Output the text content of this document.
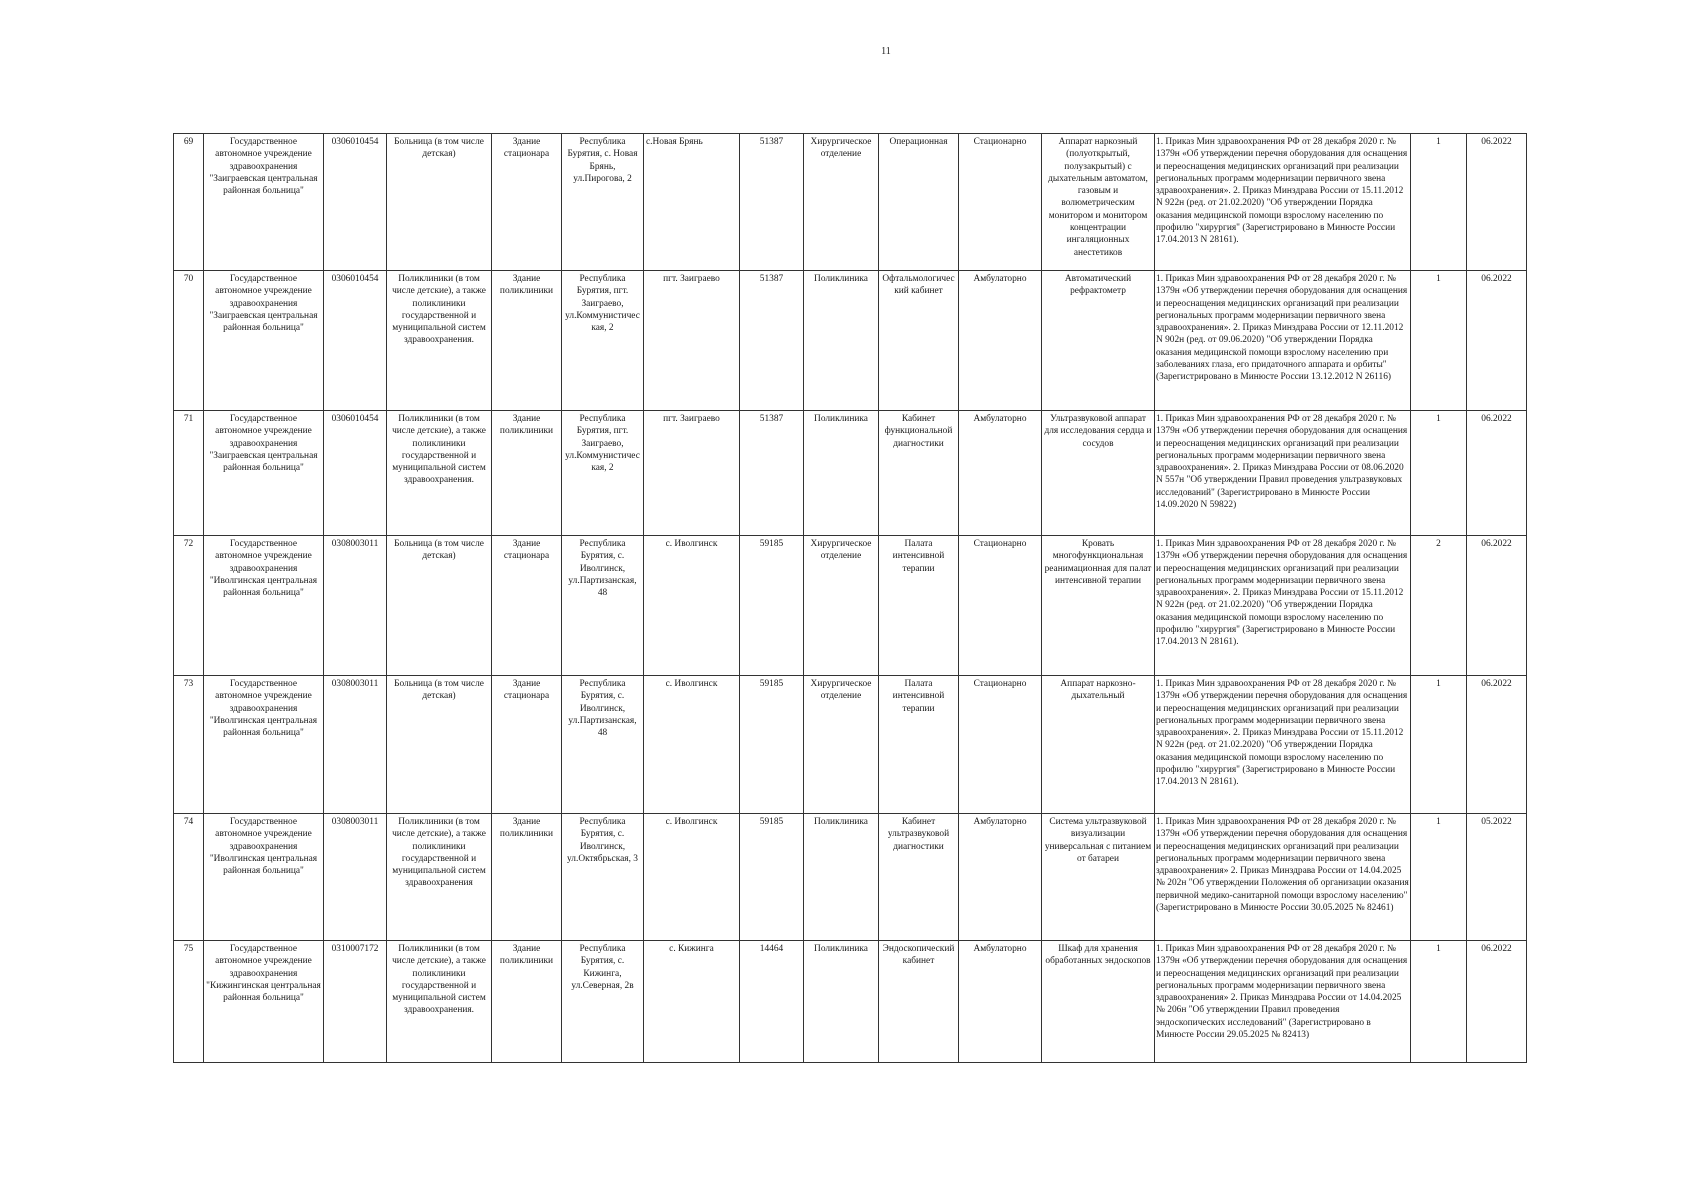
11
69	Государственное автономное учреждение здравоохранения "Заиграевская центральная районная больница"	0306010454	Больница (в том числе детская)	Здание стационара	Республика Бурятия, с. Новая Брянь, ул.Пирогова, 2	с.Новая Брянь	51387	Хирургическое отделение	Операционная	Стационарно	Аппарат наркозный (полуоткрытый, полузакрытый) с дыхательным автоматом, газовым и волюметрическим монитором и монитором концентрации ингаляционных анестетиков	1. Приказ Мин здравоохранения РФ от 28 декабря 2020 г. № 1379н «Об утверждении перечня оборудования для оснащения и переоснащения медицинских организаций при реализации региональных программ модернизации первичного звена здравоохранения». 2. Приказ Минздрава России от 15.11.2012 N 922н (ред. от 21.02.2020) "Об утверждении Порядка оказания медицинской помощи взрослому населению по профилю "хирургия" (Зарегистрировано в Минюсте России 17.04.2013 N 28161).	1	06.2022
70	Государственное автономное учреждение здравоохранения "Заиграевская центральная районная больница"	0306010454	Поликлиники (в том числе детские), а также поликлиники государственной и муниципальной систем здравоохранения.	Здание поликлиники	Республика Бурятия, пгт. Заиграево, ул.Коммунистическая, 2	пгт. Заиграево	51387	Поликлиника	Офтальмологический кабинет	Амбулаторно	Автоматический рефрактометр	1. Приказ Мин здравоохранения РФ от 28 декабря 2020 г. № 1379н «Об утверждении перечня оборудования для оснащения и переоснащения медицинских организаций при реализации региональных программ модернизации первичного звена здравоохранения». 2. Приказ Минздрава России от 12.11.2012 N 902н (ред. от 09.06.2020) "Об утверждении Порядка оказания медицинской помощи взрослому населению при заболеваниях глаза, его придаточного аппарата и орбиты" (Зарегистрировано в Минюсте России 13.12.2012 N 26116)	1	06.2022
71	Государственное автономное учреждение здравоохранения "Заиграевская центральная районная больница"	0306010454	Поликлиники (в том числе детские), а также поликлиники государственной и муниципальной систем здравоохранения.	Здание поликлиники	Республика Бурятия, пгт. Заиграево, ул.Коммунистическая, 2	пгт. Заиграево	51387	Поликлиника	Кабинет функциональной диагностики	Амбулаторно	Ультразвуковой аппарат для исследования сердца и сосудов	1. Приказ Мин здравоохранения РФ от 28 декабря 2020 г. № 1379н «Об утверждении перечня оборудования для оснащения и переоснащения медицинских организаций при реализации региональных программ модернизации первичного звена здравоохранения». 2. Приказ Минздрава России от 08.06.2020 N 557н "Об утверждении Правил проведения ультразвуковых исследований" (Зарегистрировано в Минюсте России 14.09.2020 N 59822)	1	06.2022
72	Государственное автономное учреждение здравоохранения "Иволгинская центральная районная больница"	0308003011	Больница (в том числе детская)	Здание стационара	Республика Бурятия, с. Иволгинск, ул.Партизанская, 48	с. Иволгинск	59185	Хирургическое отделение	Палата интенсивной терапии	Стационарно	Кровать многофункциональная реанимационная для палат интенсивной терапии	1. Приказ Мин здравоохранения РФ от 28 декабря 2020 г. № 1379н «Об утверждении перечня оборудования для оснащения и переоснащения медицинских организаций при реализации региональных программ модернизации первичного звена здравоохранения». 2. Приказ Минздрава России от 15.11.2012 N 922н (ред. от 21.02.2020) "Об утверждении Порядка оказания медицинской помощи взрослому населению по профилю "хирургия" (Зарегистрировано в Минюсте России 17.04.2013 N 28161).	2	06.2022
73	Государственное автономное учреждение здравоохранения "Иволгинская центральная районная больница"	0308003011	Больница (в том числе детская)	Здание стационара	Республика Бурятия, с. Иволгинск, ул.Партизанская, 48	с. Иволгинск	59185	Хирургическое отделение	Палата интенсивной терапии	Стационарно	Аппарат наркозно-дыхательный	1. Приказ Мин здравоохранения РФ от 28 декабря 2020 г. № 1379н «Об утверждении перечня оборудования для оснащения и переоснащения медицинских организаций при реализации региональных программ модернизации первичного звена здравоохранения». 2. Приказ Минздрава России от 15.11.2012 N 922н (ред. от 21.02.2020) "Об утверждении Порядка оказания медицинской помощи взрослому населению по профилю "хирургия" (Зарегистрировано в Минюсте России 17.04.2013 N 28161).	1	06.2022
74	Государственное автономное учреждение здравоохранения "Иволгинская центральная районная больница"	0308003011	Поликлиники (в том числе детские), а также поликлиники государственной и муниципальной систем здравоохранения	Здание поликлиники	Республика Бурятия, с. Иволгинск, ул.Октябрьская, 3	с. Иволгинск	59185	Поликлиника	Кабинет ультразвуковой диагностики	Амбулаторно	Система ультразвуковой визуализации универсальная с питанием от батареи	1. Приказ Мин здравоохранения РФ от 28 декабря 2020 г. № 1379н «Об утверждении перечня оборудования для оснащения и переоснащения медицинских организаций при реализации региональных программ модернизации первичного звена здравоохранения» 2. Приказ Минздрава России от 14.04.2025 № 202н "Об утверждении Положения об организации оказания первичной медико-санитарной помощи взрослому населению" (Зарегистрировано в Минюсте России 30.05.2025 № 82461)	1	05.2022
75	Государственное автономное учреждение здравоохранения "Кижингинская центральная районная больница"	0310007172	Поликлиники (в том числе детские), а также поликлиники государственной и муниципальной систем здравоохранения.	Здание поликлиники	Республика Бурятия, с. Кижинга, ул.Северная, 2в	с. Кижинга	14464	Поликлиника	Эндоскопический кабинет	Амбулаторно	Шкаф для хранения обработанных эндоскопов	1. Приказ Мин здравоохранения РФ от 28 декабря 2020 г. № 1379н «Об утверждении перечня оборудования для оснащения и переоснащения медицинских организаций при реализации региональных программ модернизации первичного звена здравоохранения» 2. Приказ Минздрава России от 14.04.2025 № 206н "Об утверждении Правил проведения эндоскопических исследований" (Зарегистрировано в Минюсте России 29.05.2025 № 82413)	1	06.2022
